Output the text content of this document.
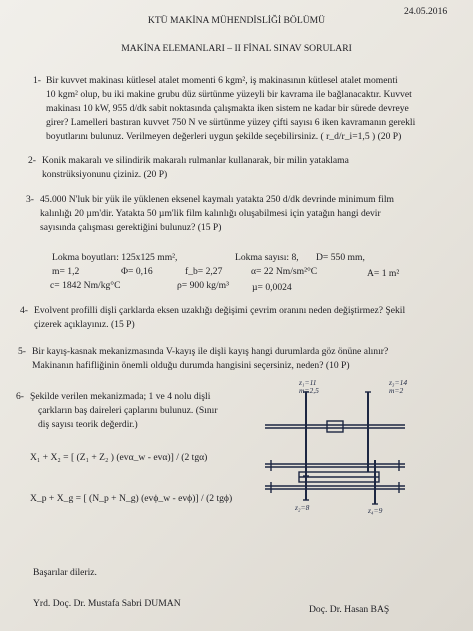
24.05.2016
KTÜ MAKİNA MÜHENDİSLİĞİ BÖLÜMÜ
MAKİNA ELEMANLARI – II FİNAL SINAV SORULARI
1- Bir kuvvet makinası kütlesel atalet momenti 6 kgm², iş makinasının kütlesel atalet momenti
10 kgm² olup, bu iki makine grubu düz sürtünme yüzeyli bir kavrama ile bağlanacaktır. Kuvvet
makinası 10 kW, 955 d/dk sabit noktasında çalışmakta iken sistem ne kadar bir sürede devreye
girer? Lamelleri bastıran kuvvet 750 N ve sürtünme yüzey çifti sayısı 6 iken kavramanın gerekli
boyutlarını bulunuz. Verilmeyen değerleri uygun şekilde seçebilirsiniz. ( r_d/r_i=1,5 ) (20 P)
2- Konik makaralı ve silindirik makaralı rulmanlar kullanarak, bir milin yataklama
konstrüksiyonunu çiziniz. (20 P)
3- 45.000 N'luk bir yük ile yüklenen eksenel kaymalı yatakta 250 d/dk devrinde minimum film
kalınlığı 20 µm'dir. Yatakta 50 µm'lik film kalınlığı oluşabilmesi için yatağın hangi devir
sayısında çalışması gerektiğini bulunuz? (15 P)
Lokma boyutları: 125x125 mm²,	Lokma sayısı: 8, D= 550 mm,
m= 1,2	Φ= 0,16	f_b= 2,27	α= 22 Nm/sm²°C	A= 1 m²
c= 1842 Nm/kg°C	ρ= 900 kg/m³ µ= 0,0024
4- Evolvent profilli dişli çarklarda eksen uzaklığı değişimi çevrim oranını neden değiştirmez? Şekil
çizerek açıklayınız. (15 P)
5- Bir kayış-kasnak mekanizmasında V-kayış ile dişli kayış hangi durumlarda göz önüne alınır?
Makinanın hafifliğinin önemli olduğu durumda hangisini seçersiniz, neden? (10 P)
6- Şekilde verilen mekanizmada; 1 ve 4 nolu dişli
çarkların baş daireleri çaplarını bulunuz. (Sınır
diş sayısı teorik değerdir.)
X₁ + X₂ = [ (Z₁ + Z₂ ) (evα_w - evα)] / (2 tgα)
X_p + X_g = [ (N_p + N_g) (evϕ_w - evϕ)] / (2 tgϕ)
z₁=11
m=2,5
z₃=14
m=2
z₂=8	z₄=9
Başarılar dileriz.
Yrd. Doç. Dr. Mustafa Sabri DUMAN
Doç. Dr. Hasan BAŞ
